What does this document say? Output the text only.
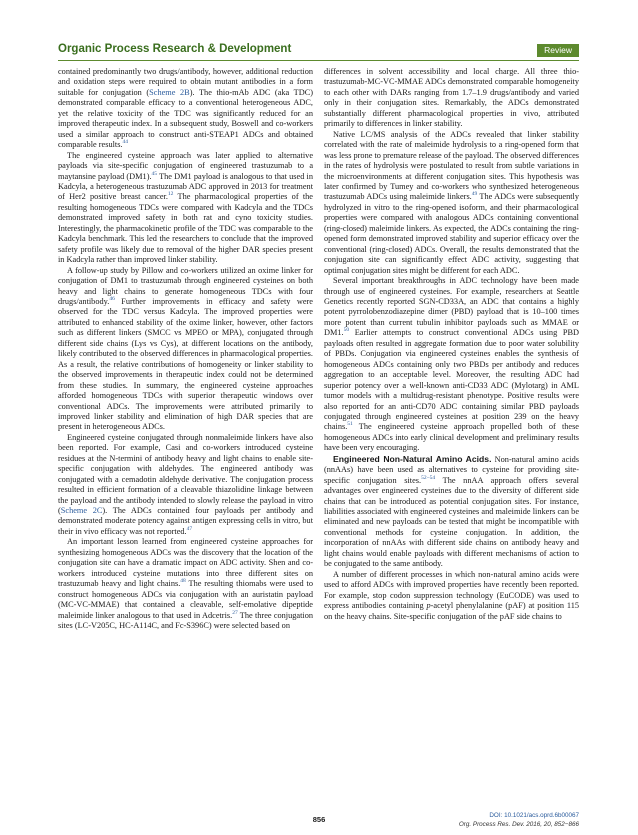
Organic Process Research & Development	Review

contained predominantly two drugs/antibody, however, additional reduction and oxidation steps were required to obtain mutant antibodies in a form suitable for conjugation (Scheme 2B). The thio-mAb ADC (aka TDC) demonstrated comparable efficacy to a conventional heterogeneous ADC, yet the relative toxicity of the TDC was significantly reduced for an improved therapeutic index. In a subsequent study, Boswell and co-workers used a similar approach to construct anti-STEAP1 ADCs and obtained comparable results.$^{44}$

The engineered cysteine approach was later applied to alternative payloads via site-specific conjugation of engineered trastuzumab to a maytansine payload (DM1).$^{45}$ The DM1 payload is analogous to that used in Kadcyla, a heterogeneous trastuzumab ADC approved in 2013 for treatment of Her2 positive breast cancer.$^{12}$ The pharmacological properties of the resulting homogeneous TDCs were compared with Kadcyla and the TDCs demonstrated improved safety in both rat and cyno toxicity studies. Interestingly, the pharmacokinetic profile of the TDC was comparable to the Kadcyla benchmark. This led the researchers to conclude that the improved safety profile was likely due to removal of the higher DAR species present in Kadcyla rather than improved linker stability.

A follow-up study by Pillow and co-workers utilized an oxime linker for conjugation of DM1 to trastuzumab through engineered cysteines on both heavy and light chains to generate homogeneous TDCs with four drugs/antibody.$^{46}$ Further improvements in efficacy and safety were observed for the TDC versus Kadcyla. The improved properties were attributed to enhanced stability of the oxime linker, however, other factors such as different linkers (SMCC vs MPEO or MPA), conjugated through different side chains (Lys vs Cys), at different locations on the antibody, likely contributed to the observed differences in pharmacological properties. As a result, the relative contributions of homogeneity or linker stability to the observed improvements in therapeutic index could not be determined from these studies. In summary, the engineered cysteine approaches afforded homogeneous TDCs with superior therapeutic windows over conventional ADCs. The improvements were attributed primarily to improved linker stability and elimination of high DAR species that are present in heterogeneous ADCs.

Engineered cysteine conjugated through nonmaleimide linkers have also been reported. For example, Casi and co-workers introduced cysteine residues at the N-termini of antibody heavy and light chains to enable site-specific conjugation with aldehydes. The engineered antibody was conjugated with a cemadotin aldehyde derivative. The conjugation process resulted in efficient formation of a cleavable thiazolidine linkage between the payload and the antibody intended to slowly release the payload in vitro (Scheme 2C). The ADCs contained four payloads per antibody and demonstrated moderate potency against antigen expressing cells in vitro, but their in vivo efficacy was not reported.$^{47}$

An important lesson learned from engineered cysteine approaches for synthesizing homogeneous ADCs was the discovery that the location of the conjugation site can have a dramatic impact on ADC activity. Shen and co-workers introduced cysteine mutations into three different sites on trastuzumab heavy and light chains.$^{48}$ The resulting thiomabs were used to construct homogeneous ADCs via conjugation with an auristatin payload (MC-VC-MMAE) that contained a cleavable, self-emolative dipeptide maleimide linker analogous to that used in Adcetris.$^{27}$ The three conjugation sites (LC-V205C, HC-A114C, and Fc-S396C) were selected based on

differences in solvent accessibility and local charge. All three thio-trastuzumab-MC-VC-MMAE ADCs demonstrated comparable homogeneity to each other with DARs ranging from 1.7–1.9 drugs/antibody and varied only in their conjugation sites. Remarkably, the ADCs demonstrated substantially different pharmacological properties in vivo, attributed primarily to differences in linker stability.

Native LC/MS analysis of the ADCs revealed that linker stability correlated with the rate of maleimide hydrolysis to a ring-opened form that was less prone to premature release of the payload. The observed differences in the rates of hydrolysis were postulated to result from subtle variations in the microenvironments at different conjugation sites. This hypothesis was later confirmed by Tumey and co-workers who synthesized heterogeneous trastuzumab ADCs using maleimide linkers.$^{49}$ The ADCs were subsequently hydrolyzed in vitro to the ring-opened isoform, and their pharmacological properties were compared with analogous ADCs containing conventional (ring-closed) maleimide linkers. As expected, the ADCs containing the ring-opened form demonstrated improved stability and superior efficacy over the conventional (ring-closed) ADCs. Overall, the results demonstrated that the conjugation site can significantly effect ADC activity, suggesting that optimal conjugation sites might be different for each ADC.

Several important breakthroughs in ADC technology have been made through use of engineered cysteines. For example, researchers at Seattle Genetics recently reported SGN-CD33A, an ADC that contains a highly potent pyrrolobenzodiazepine dimer (PBD) payload that is 10–100 times more potent than current tubulin inhibitor payloads such as MMAE or DM1.50 Earlier attempts to construct conventional ADCs using PBD payloads often resulted in aggregate formation due to poor water solubility of PBDs. Conjugation via engineered cysteines enables the synthesis of homogeneous ADCs containing only two PBDs per antibody and reduces aggregation to an acceptable level. Moreover, the resulting ADC had superior potency over a well-known anti-CD33 ADC (Mylotarg) in AML tumor models with a multidrug-resistant phenotype. Positive results were also reported for an anti-CD70 ADC containing similar PBD payloads conjugated through engineered cysteines at position 239 on the heavy chains.$^{51}$ The engineered cysteine approach propelled both of these homogeneous ADCs into early clinical development and preliminary results have been very encouraging.

Engineered Non-Natural Amino Acids. Non-natural amino acids (nnAAs) have been used as alternatives to cysteine for providing site-specific conjugation sites.$^{52-54}$ The nnAA approach offers several advantages over engineered cysteines due to the diversity of different side chains that can be introduced as potential conjugation sites. For instance, liabilities associated with engineered cysteines and maleimide linkers can be eliminated and new payloads can be tested that might be incompatible with conventional methods for cysteine conjugation. In addition, the incorporation of nnAAs with different side chains on antibody heavy and light chains would enable payloads with different mechanisms of action to be conjugated to the same antibody.

A number of different processes in which non-natural amino acids were used to afford ADCs with improved properties have recently been reported. For example, stop codon suppression technology (EuCODE) was used to express antibodies containing p-acetyl phenylalanine (pAF) at position 115 on the heavy chains. Site-specific conjugation of the pAF side chains to

856	DOI: 10.1021/acs.oprd.6b00067
Org. Process Res. Dev. 2016, 20, 852−866
